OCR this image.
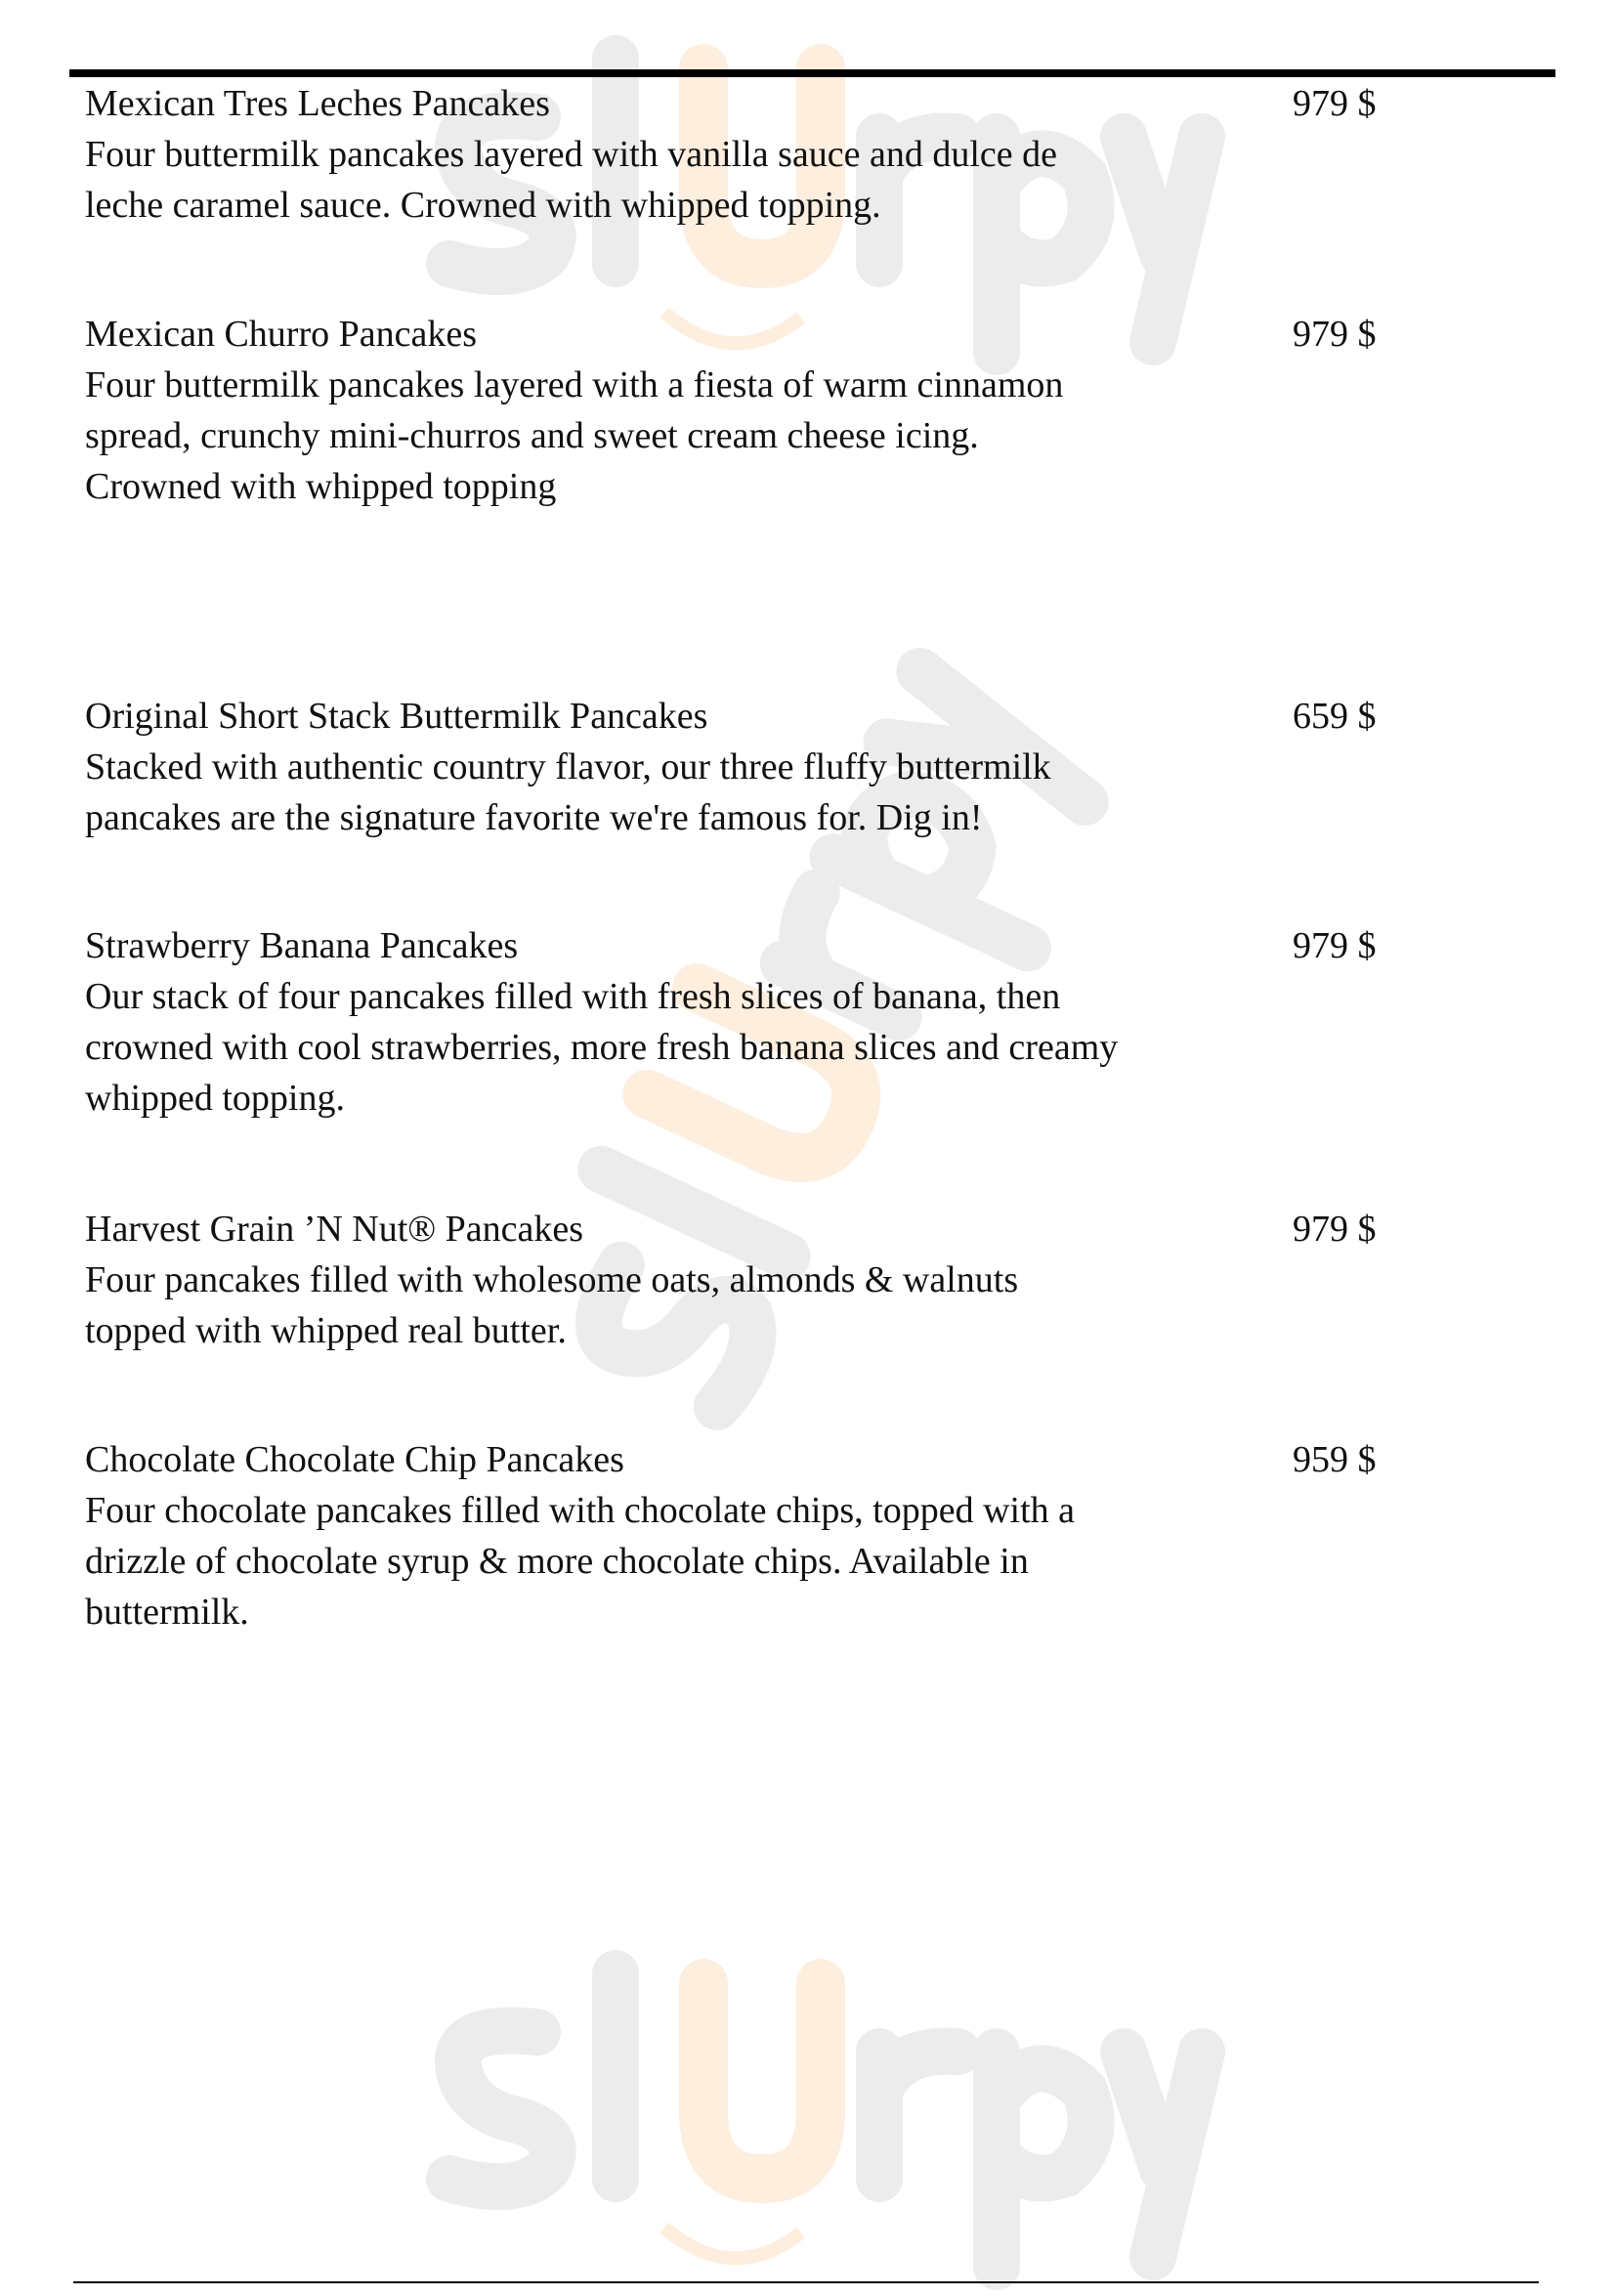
Mexican Tres Leches Pancakes
Four buttermilk pancakes layered with vanilla sauce and dulce de
leche caramel sauce. Crowned with whipped topping.
979 $
Mexican Churro Pancakes
Four buttermilk pancakes layered with a fiesta of warm cinnamon
spread, crunchy mini-churros and sweet cream cheese icing.
Crowned with whipped topping
979 $
Original Short Stack Buttermilk Pancakes
Stacked with authentic country flavor, our three fluffy buttermilk
pancakes are the signature favorite we're famous for. Dig in!
659 $
Strawberry Banana Pancakes
Our stack of four pancakes filled with fresh slices of banana, then
crowned with cool strawberries, more fresh banana slices and creamy
whipped topping.
979 $
Harvest Grain ’N Nut® Pancakes
Four pancakes filled with wholesome oats, almonds & walnuts
topped with whipped real butter.
979 $
Chocolate Chocolate Chip Pancakes
Four chocolate pancakes filled with chocolate chips, topped with a
drizzle of chocolate syrup & more chocolate chips. Available in
buttermilk.
959 $
